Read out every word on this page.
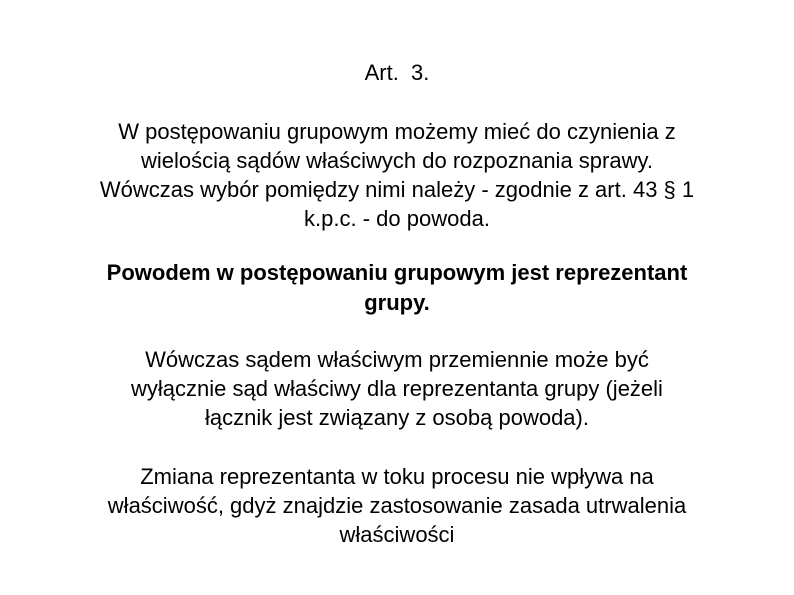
Art.  3.
W postępowaniu grupowym możemy mieć do czynienia z
wielością sądów właściwych do rozpoznania sprawy.
Wówczas wybór pomiędzy nimi należy - zgodnie z art. 43 § 1
k.p.c. - do powoda.
Powodem w postępowaniu grupowym jest reprezentant
grupy.
Wówczas sądem właściwym przemiennie może być
wyłącznie sąd właściwy dla reprezentanta grupy (jeżeli
łącznik jest związany z osobą powoda).
Zmiana reprezentanta w toku procesu nie wpływa na
właściwość, gdyż znajdzie zastosowanie zasada utrwalenia
właściwości
